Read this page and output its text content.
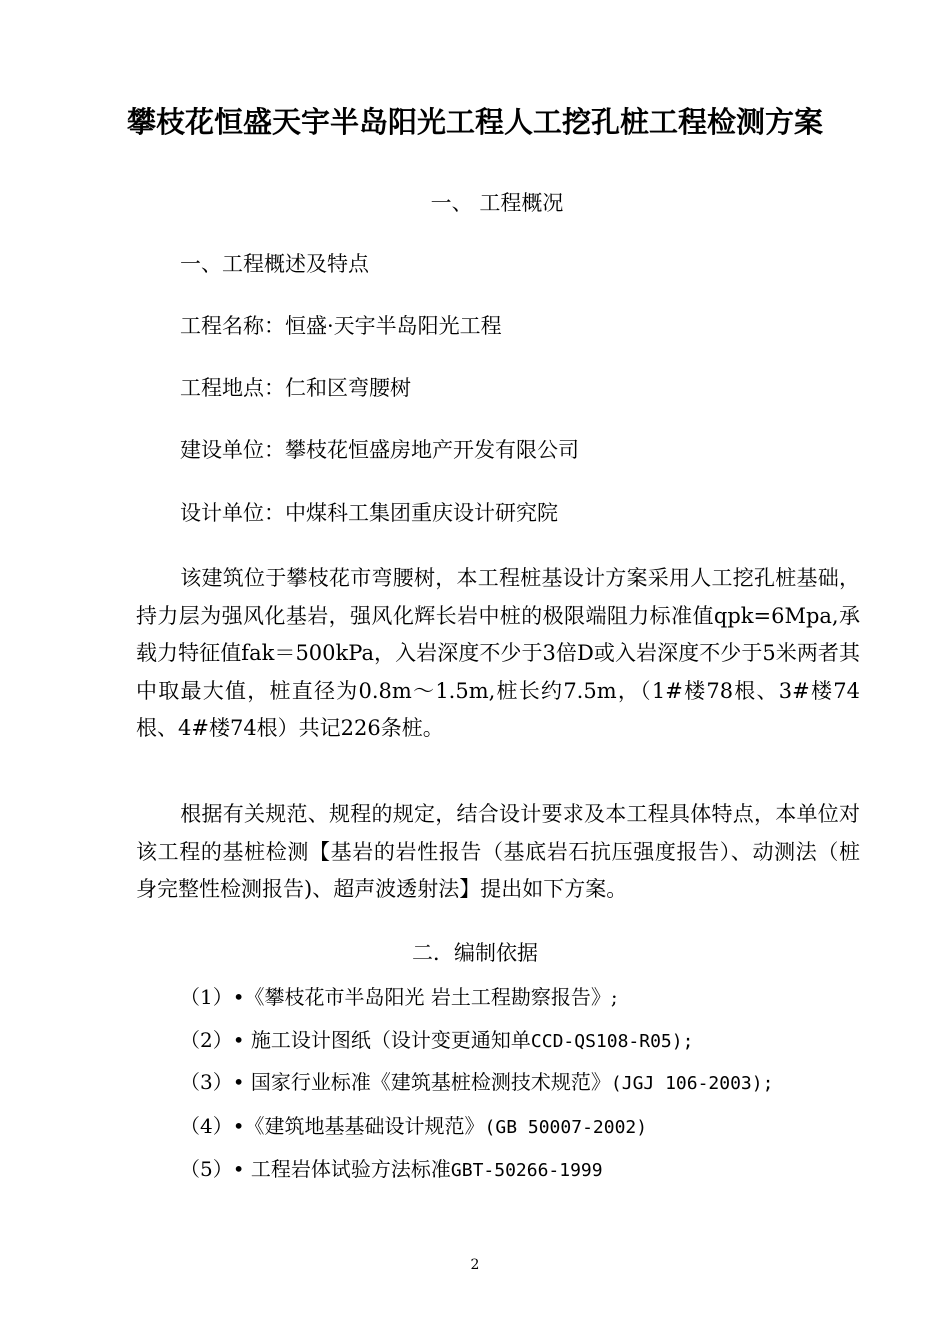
攀枝花恒盛天宇半岛阳光工程人工挖孔桩工程检测方案

一、 工程概况

一、工程概述及特点

工程名称：恒盛·天宇半岛阳光工程

工程地点：仁和区弯腰树

建设单位：攀枝花恒盛房地产开发有限公司

设计单位：中煤科工集团重庆设计研究院

该建筑位于攀枝花市弯腰树，本工程桩基设计方案采用人工挖孔桩基础，持力层为强风化基岩，强风化辉长岩中桩的极限端阻力标准值qpk=6Mpa,承载力特征值fak＝500kPa，入岩深度不少于3倍D或入岩深度不少于5米两者其中取最大值，桩直径为0.8m～1.5m,桩长约7.5m，（1#楼78根、3#楼74根、4#楼74根）共记226条桩。

根据有关规范、规程的规定，结合设计要求及本工程具体特点，本单位对该工程的基桩检测【基岩的岩性报告（基底岩石抗压强度报告）、动测法（桩身完整性检测报告)、超声波透射法】提出如下方案。

二．编制依据

（1）•《攀枝花市半岛阳光 岩土工程勘察报告》;

（2）• 施工设计图纸（设计变更通知单CCD-QS108-R05);

（3）• 国家行业标准《建筑基桩检测技术规范》(JGJ 106-2003);

（4）•《建筑地基基础设计规范》(GB 50007-2002)

（5）• 工程岩体试验方法标准GBT-50266-1999

2
